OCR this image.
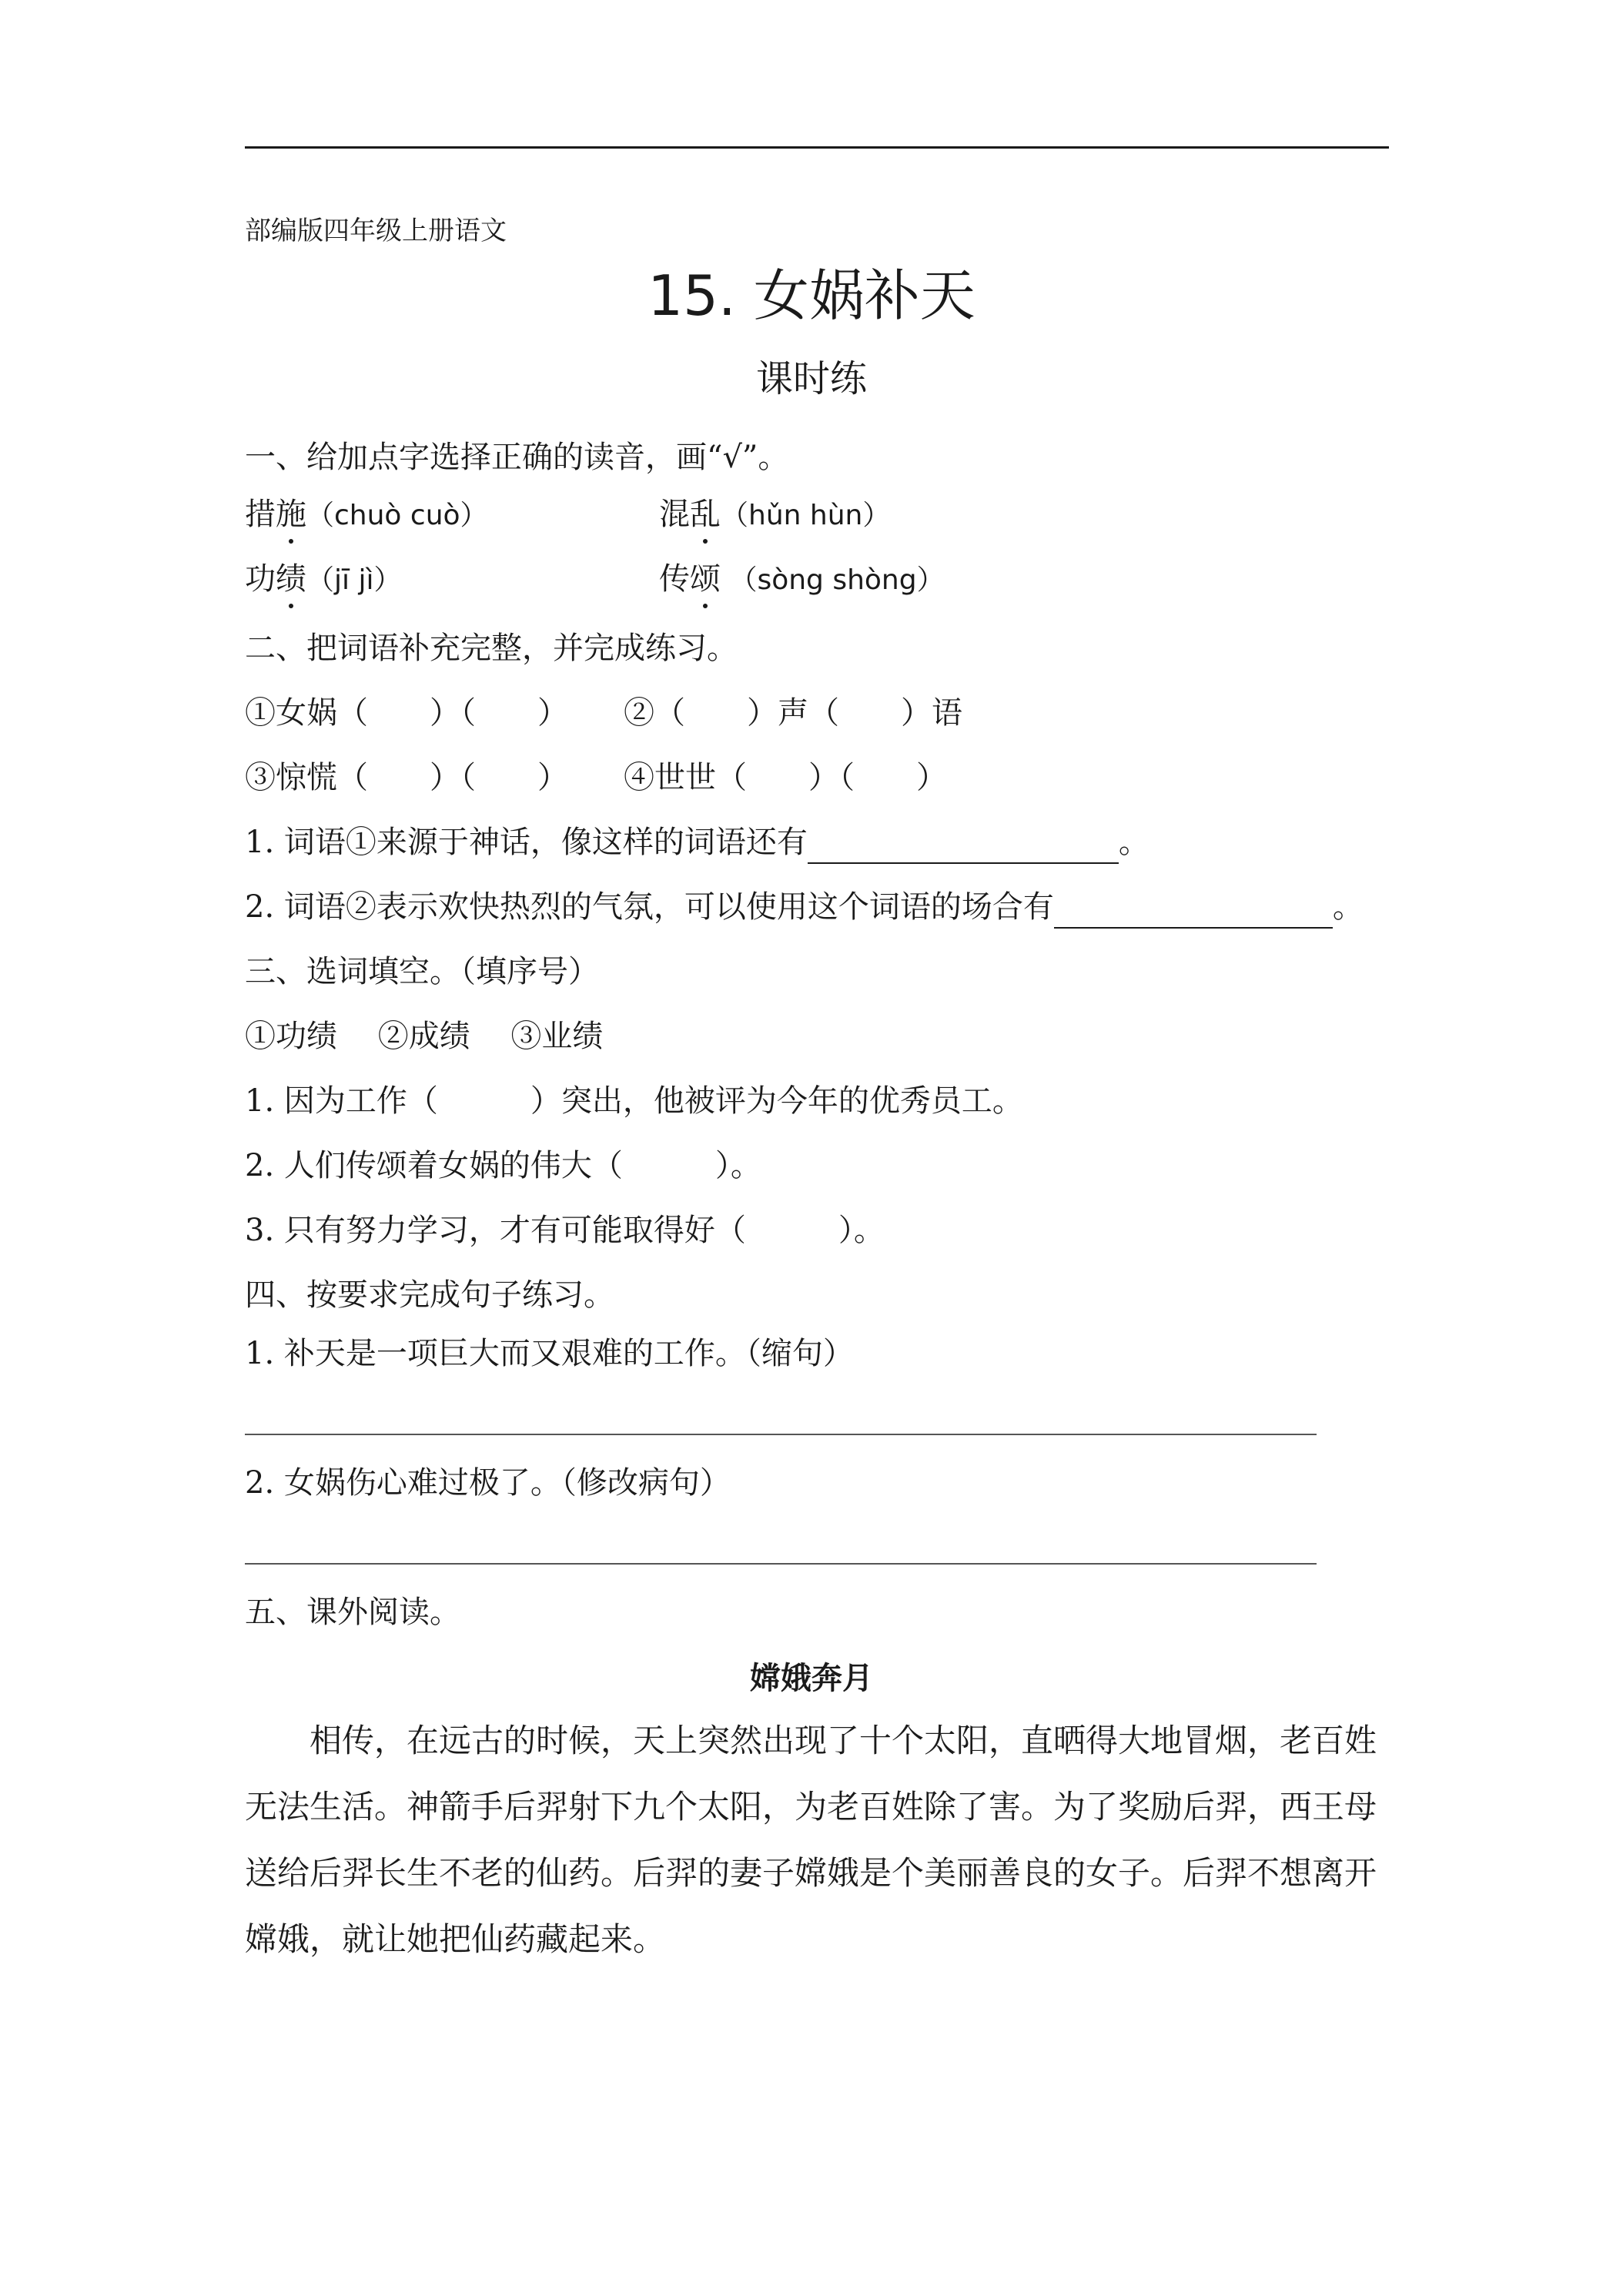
部编版四年级上册语文
15. 女娲补天
课时练
一、给加点字选择正确的读音，画“√”。
措施（chuò cuò）	混乱（hǔn hùn）
功绩（jī jì）	传颂 （sòng shòng）
二、把词语补充完整，并完成练习。
①女娲（　　）（　　） ②（　　）声（　　）语
③惊慌（　　）（　　） ④世世（　　）（　　）
1. 词语①来源于神话，像这样的词语还有	。
2. 词语②表示欢快热烈的气氛，可以使用这个词语的场合有	。
三、选词填空。（填序号）
①功绩　 ②成绩　 ③业绩
1. 因为工作（　　　）突出，他被评为今年的优秀员工。
2. 人们传颂着女娲的伟大（　　　）。
3. 只有努力学习，才有可能取得好（　　　）。
四、按要求完成句子练习。
1. 补天是一项巨大而又艰难的工作。（缩句）
2. 女娲伤心难过极了。（修改病句）
五、课外阅读。
嫦娥奔月
相传，在远古的时候，天上突然出现了十个太阳，直晒得大地冒烟，老百姓无法生活。神箭手后羿射下九个太阳，为老百姓除了害。为了奖励后羿，西王母送给后羿长生不老的仙药。后羿的妻子嫦娥是个美丽善良的女子。后羿不想离开嫦娥，就让她把仙药藏起来。
